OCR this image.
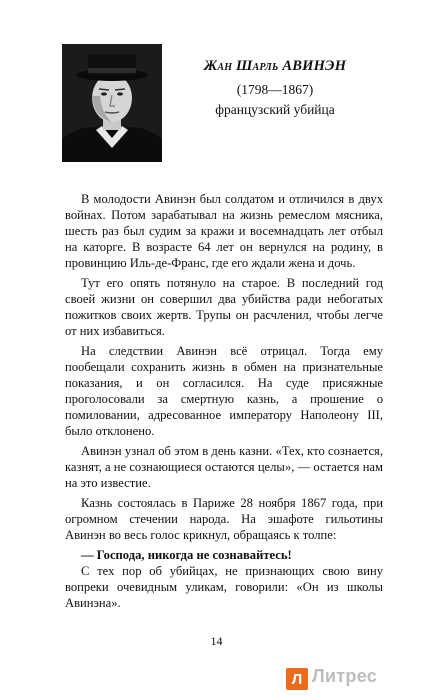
Жан Шарль АВИНЭН
(1798—1867)
французский убийца

В молодости Авинэн был солдатом и отличился в двух войнах. Потом зарабатывал на жизнь ремеслом мясника, шесть раз был судим за кражи и восемнадцать лет отбыл на каторге. В возрасте 64 лет он вернулся на родину, в провинцию Иль-де-Франс, где его ждали жена и дочь.

Тут его опять потянуло на старое. В последний год своей жизни он совершил два убийства ради небогатых пожитков своих жертв. Трупы он расчленил, чтобы легче от них избавиться.

На следствии Авинэн всё отрицал. Тогда ему пообещали сохранить жизнь в обмен на признательные показания, и он согласился. На суде присяжные проголосовали за смертную казнь, а прошение о помиловании, адресованное императору Наполеону III, было отклонено.

Авинэн узнал об этом в день казни. «Тех, кто сознается, казнят, а не сознающиеся остаются целы», — остается нам на это известие.

Казнь состоялась в Париже 28 ноября 1867 года, при огромном стечении народа. На эшафоте гильотины Авинэн во весь голос крикнул, обращаясь к толпе:

— Господа, никогда не сознавайтесь!

С тех пор об убийцах, не признающих свою вину вопреки очевидным уликам, говорили: «Он из школы Авинэна».

14
Л Литрес
